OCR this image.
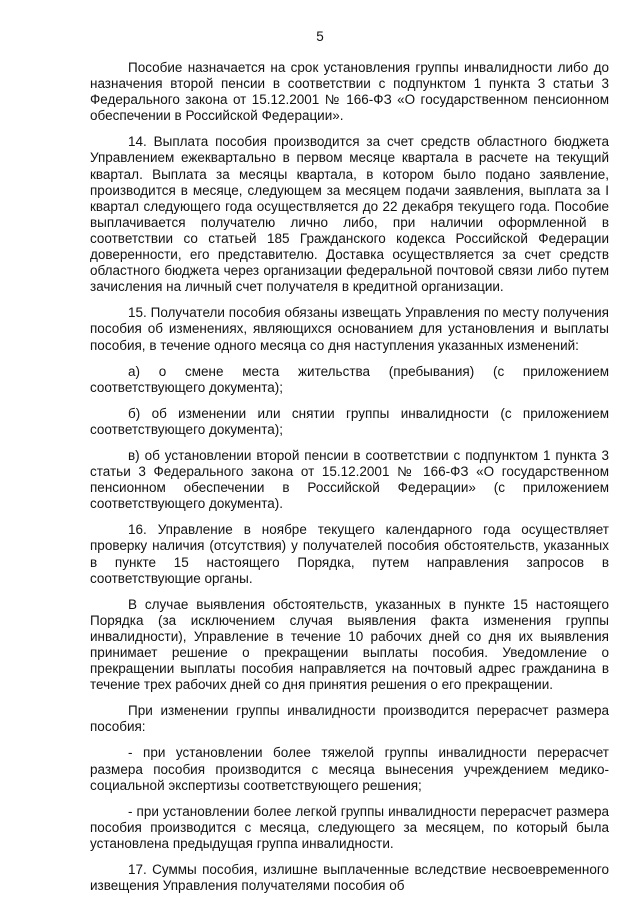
5

Пособие назначается на срок установления группы инвалидности либо до назначения второй пенсии в соответствии с подпунктом 1 пункта 3 статьи 3 Федерального закона от 15.12.2001 № 166-ФЗ «О государственном пенсионном обеспечении в Российской Федерации».

14. Выплата пособия производится за счет средств областного бюджета Управлением ежеквартально в первом месяце квартала в расчете на текущий квартал. Выплата за месяцы квартала, в котором было подано заявление, производится в месяце, следующем за месяцем подачи заявления, выплата за I квартал следующего года осуществляется до 22 декабря текущего года. Пособие выплачивается получателю лично либо, при наличии оформленной в соответствии со статьей 185 Гражданского кодекса Российской Федерации доверенности, его представителю. Доставка осуществляется за счет средств областного бюджета через организации федеральной почтовой связи либо путем зачисления на личный счет получателя в кредитной организации.

15. Получатели пособия обязаны извещать Управления по месту получения пособия об изменениях, являющихся основанием для установления и выплаты пособия, в течение одного месяца со дня наступления указанных изменений:

а) о смене места жительства (пребывания) (с приложением соответствующего документа);

б) об изменении или снятии группы инвалидности (с приложением соответствующего документа);

в) об установлении второй пенсии в соответствии с подпунктом 1 пункта 3 статьи 3 Федерального закона от 15.12.2001 № 166-ФЗ «О государственном пенсионном обеспечении в Российской Федерации» (с приложением соответствующего документа).

16. Управление в ноябре текущего календарного года осуществляет проверку наличия (отсутствия) у получателей пособия обстоятельств, указанных в пункте 15 настоящего Порядка, путем направления запросов в соответствующие органы.

В случае выявления обстоятельств, указанных в пункте 15 настоящего Порядка (за исключением случая выявления факта изменения группы инвалидности), Управление в течение 10 рабочих дней со дня их выявления принимает решение о прекращении выплаты пособия. Уведомление о прекращении выплаты пособия направляется на почтовый адрес гражданина в течение трех рабочих дней со дня принятия решения о его прекращении.

При изменении группы инвалидности производится перерасчет размера пособия:

- при установлении более тяжелой группы инвалидности перерасчет размера пособия производится с месяца вынесения учреждением медико-социальной экспертизы соответствующего решения;

- при установлении более легкой группы инвалидности перерасчет размера пособия производится с месяца, следующего за месяцем, по который была установлена предыдущая группа инвалидности.

17. Суммы пособия, излишне выплаченные вследствие несвоевременного извещения Управления получателями пособия об
